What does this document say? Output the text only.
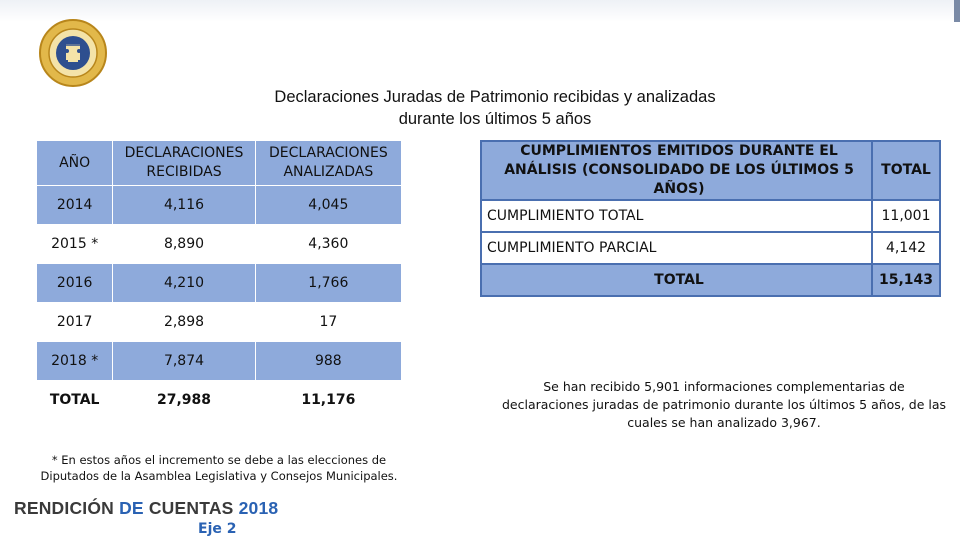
Declaraciones Juradas de Patrimonio recibidas y analizadas
durante los últimos 5 años
AÑO	DECLARACIONES RECIBIDAS	DECLARACIONES ANALIZADAS
2014	4,116	4,045
2015 *	8,890	4,360
2016	4,210	1,766
2017	2,898	17
2018 *	7,874	988
TOTAL	27,988	11,176
CUMPLIMIENTOS EMITIDOS DURANTE EL ANÁLISIS (CONSOLIDADO DE LOS ÚLTIMOS 5 AÑOS)	TOTAL
CUMPLIMIENTO TOTAL	11,001
CUMPLIMIENTO PARCIAL	4,142
TOTAL	15,143
* En estos años el incremento se debe a las elecciones de Diputados de la Asamblea Legislativa y Consejos Municipales.
Se han recibido 5,901 informaciones complementarias de declaraciones juradas de patrimonio durante los últimos 5 años, de las cuales se han analizado 3,967.
RENDICIÓN DE CUENTAS 2018
Eje 2
